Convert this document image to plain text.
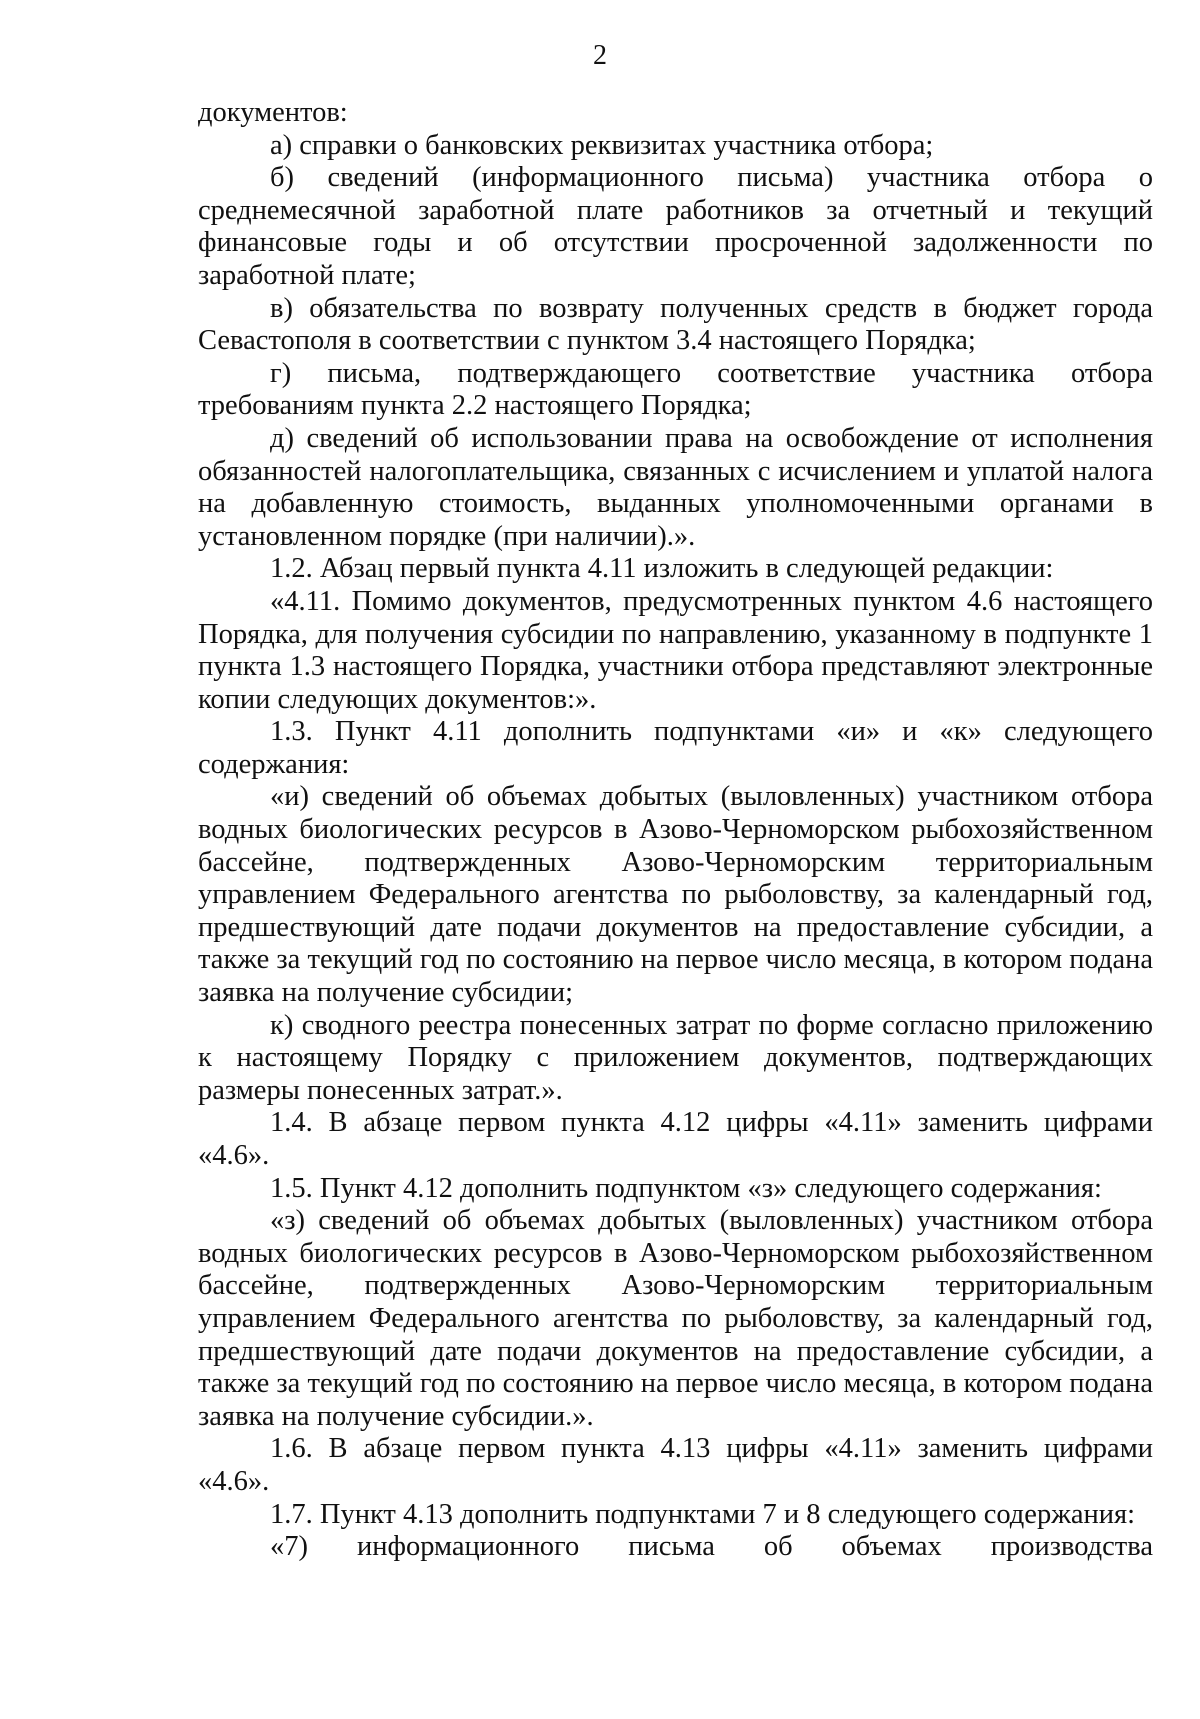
2

документов:

а) справки о банковских реквизитах участника отбора;

б) сведений (информационного письма) участника отбора о среднемесячной заработной плате работников за отчетный и текущий финансовые годы и об отсутствии просроченной задолженности по заработной плате;

в) обязательства по возврату полученных средств в бюджет города Севастополя в соответствии с пунктом 3.4 настоящего Порядка;

г) письма, подтверждающего соответствие участника отбора требованиям пункта 2.2 настоящего Порядка;

д) сведений об использовании права на освобождение от исполнения обязанностей налогоплательщика, связанных с исчислением и уплатой налога на добавленную стоимость, выданных уполномоченными органами в установленном порядке (при наличии).».

1.2. Абзац первый пункта 4.11 изложить в следующей редакции:

«4.11. Помимо документов, предусмотренных пунктом 4.6 настоящего Порядка, для получения субсидии по направлению, указанному в подпункте 1 пункта 1.3 настоящего Порядка, участники отбора представляют электронные копии следующих документов:».

1.3. Пункт 4.11 дополнить подпунктами «и» и «к» следующего содержания:

«и) сведений об объемах добытых (выловленных) участником отбора водных биологических ресурсов в Азово-Черноморском рыбохозяйственном бассейне, подтвержденных Азово-Черноморским территориальным управлением Федерального агентства по рыболовству, за календарный год, предшествующий дате подачи документов на предоставление субсидии, а также за текущий год по состоянию на первое число месяца, в котором подана заявка на получение субсидии;

к) сводного реестра понесенных затрат по форме согласно приложению к настоящему Порядку с приложением документов, подтверждающих размеры понесенных затрат.».

1.4. В абзаце первом пункта 4.12 цифры «4.11» заменить цифрами «4.6».

1.5. Пункт 4.12 дополнить подпунктом «з» следующего содержания:

«з) сведений об объемах добытых (выловленных) участником отбора водных биологических ресурсов в Азово-Черноморском рыбохозяйственном бассейне, подтвержденных Азово-Черноморским территориальным управлением Федерального агентства по рыболовству, за календарный год, предшествующий дате подачи документов на предоставление субсидии, а также за текущий год по состоянию на первое число месяца, в котором подана заявка на получение субсидии.».

1.6. В абзаце первом пункта 4.13 цифры «4.11» заменить цифрами «4.6».

1.7. Пункт 4.13 дополнить подпунктами 7 и 8 следующего содержания:

«7) информационного письма об объемах производства
